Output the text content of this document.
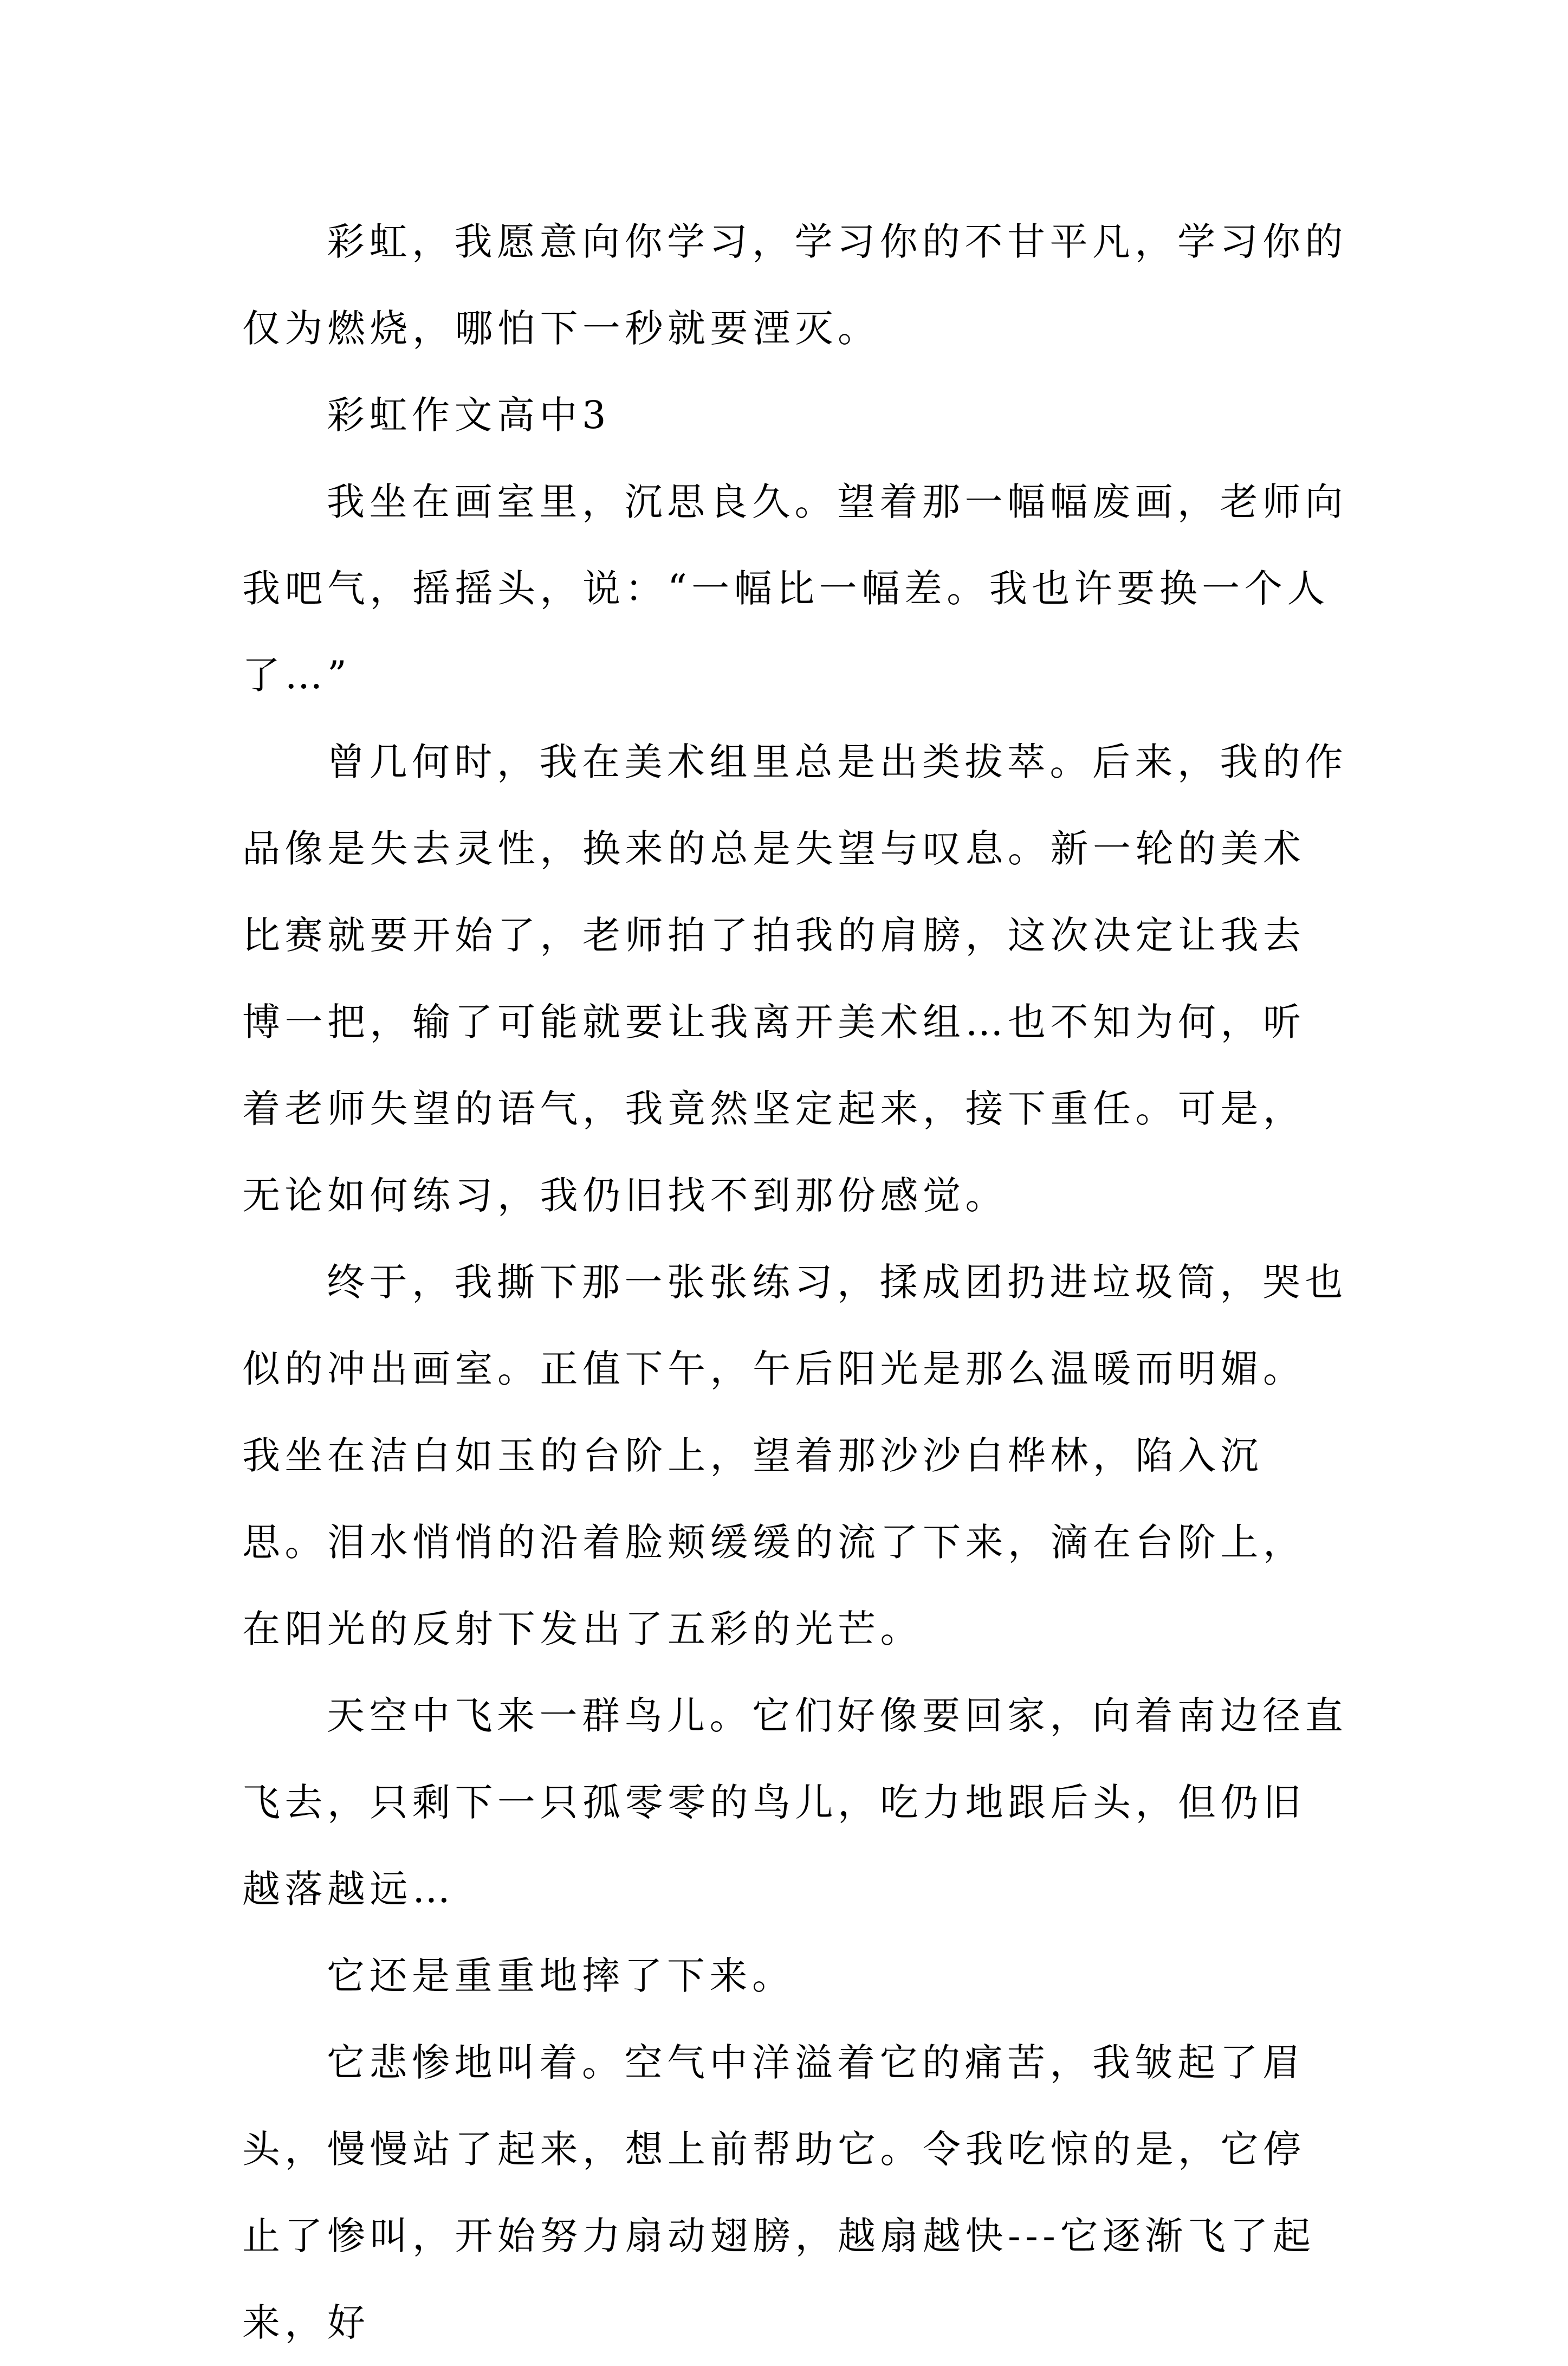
彩虹，我愿意向你学习，学习你的不甘平凡，学习你的仅为燃烧，哪怕下一秒就要湮灭。

彩虹作文高中3

我坐在画室里，沉思良久。望着那一幅幅废画，老师向我吧气，摇摇头，说：“一幅比一幅差。我也许要换一个人了…”

曾几何时，我在美术组里总是出类拔萃。后来，我的作品像是失去灵性，换来的总是失望与叹息。新一轮的美术比赛就要开始了，老师拍了拍我的肩膀，这次决定让我去博一把，输了可能就要让我离开美术组…也不知为何，听着老师失望的语气，我竟然坚定起来，接下重任。可是，无论如何练习，我仍旧找不到那份感觉。

终于，我撕下那一张张练习，揉成团扔进垃圾筒，哭也似的冲出画室。正值下午，午后阳光是那么温暖而明媚。我坐在洁白如玉的台阶上，望着那沙沙白桦林，陷入沉思。泪水悄悄的沿着脸颊缓缓的流了下来，滴在台阶上，在阳光的反射下发出了五彩的光芒。

天空中飞来一群鸟儿。它们好像要回家，向着南边径直飞去，只剩下一只孤零零的鸟儿，吃力地跟后头，但仍旧越落越远…

它还是重重地摔了下来。

它悲惨地叫着。空气中洋溢着它的痛苦，我皱起了眉头，慢慢站了起来，想上前帮助它。令我吃惊的是，它停止了惨叫，开始努力扇动翅膀，越扇越快---它逐渐飞了起来，好
